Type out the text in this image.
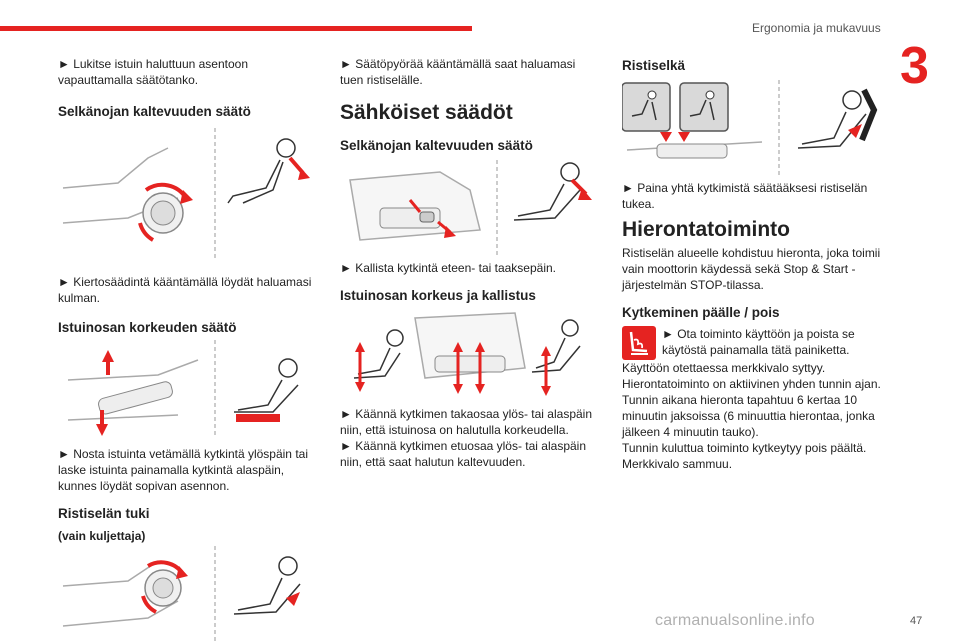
Ergonomia ja mukavuus
3
47
carmanualsonline.info

► Lukitse istuin haluttuun asentoon vapauttamalla säätötanko.

Selkänojan kaltevuuden säätö

► Kiertosäädintä kääntämällä löydät haluamasi kulman.

Istuinosan korkeuden säätö

► Nosta istuinta vetämällä kytkintä ylöspäin tai laske istuinta painamalla kytkintä alaspäin, kunnes löydät sopivan asennon.

Ristiselän tuki

(vain kuljettaja)

► Säätöpyörää kääntämällä saat haluamasi tuen ristiselälle.

Sähköiset säädöt
Selkänojan kaltevuuden säätö

► Kallista kytkintä eteen- tai taaksepäin.

Istuinosan korkeus ja kallistus

► Käännä kytkimen takaosaa ylös- tai alaspäin niin, että istuinosa on halutulla korkeudella.

► Käännä kytkimen etuosaa ylös- tai alaspäin niin, että saat halutun kaltevuuden.

Ristiselkä

► Paina yhtä kytkimistä säätääksesi ristiselän tukea.

Hierontatoiminto

Ristiselän alueelle kohdistuu hieronta, joka toimii vain moottorin käydessä sekä Stop & Start -järjestelmän STOP-tilassa.

Kytkeminen päälle / pois

► Ota toiminto käyttöön ja poista se käytöstä painamalla tätä painiketta.

Käyttöön otettaessa merkkivalo syttyy.

Hierontatoiminto on aktiivinen yhden tunnin ajan.

Tunnin aikana hieronta tapahtuu 6 kertaa 10 minuutin jaksoissa (6 minuuttia hierontaa, jonka jälkeen 4 minuutin tauko).

Tunnin kuluttua toiminto kytkeytyy pois päältä. Merkkivalo sammuu.
